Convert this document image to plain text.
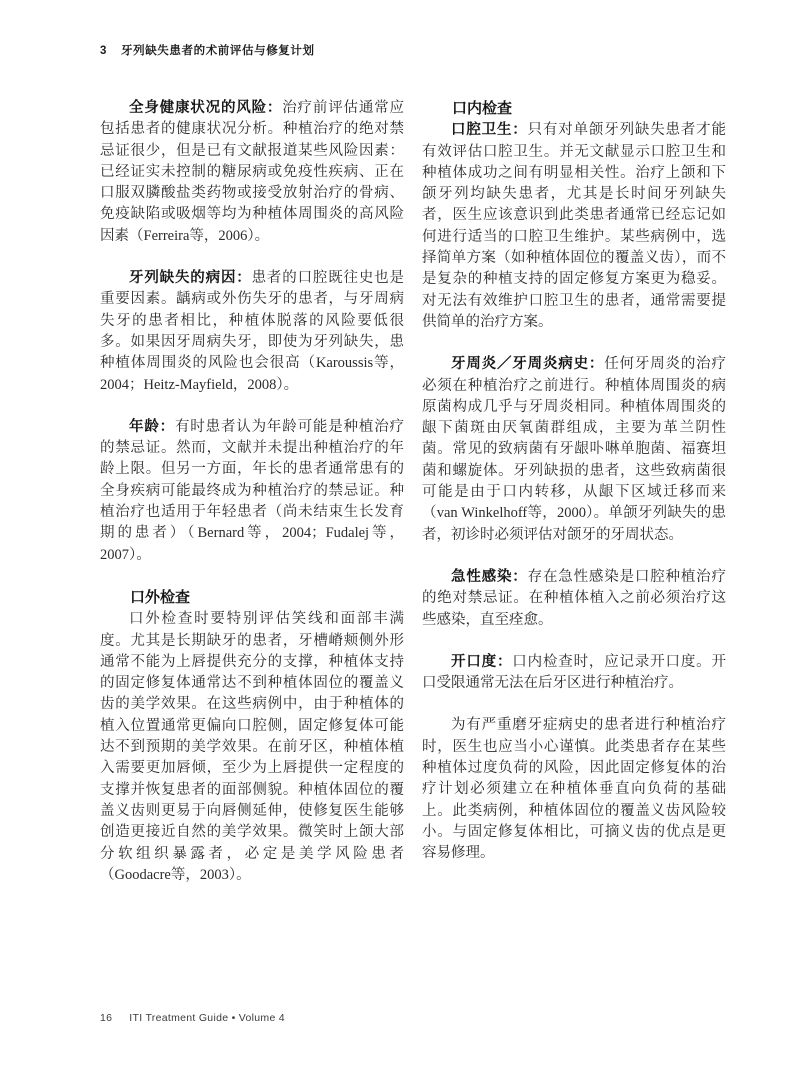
3 牙列缺失患者的术前评估与修复计划

全身健康状况的风险：治疗前评估通常应包括患者的健康状况分析。种植治疗的绝对禁忌证很少，但是已有文献报道某些风险因素：已经证实未控制的糖尿病或免疫性疾病、正在口服双膦酸盐类药物或接受放射治疗的骨病、免疫缺陷或吸烟等均为种植体周围炎的高风险因素（Ferreira等，2006）。

牙列缺失的病因：患者的口腔既往史也是重要因素。龋病或外伤失牙的患者，与牙周病失牙的患者相比，种植体脱落的风险要低很多。如果因牙周病失牙，即使为牙列缺失，患种植体周围炎的风险也会很高（Karoussis等，2004；Heitz-Mayfield，2008）。

年龄：有时患者认为年龄可能是种植治疗的禁忌证。然而，文献并未提出种植治疗的年龄上限。但另一方面，年长的患者通常患有的全身疾病可能最终成为种植治疗的禁忌证。种植治疗也适用于年轻患者（尚未结束生长发育期的患者）（Bernard等，2004；Fudalej等，2007）。

口外检查

口外检查时要特别评估笑线和面部丰满度。尤其是长期缺牙的患者，牙槽嵴颊侧外形通常不能为上唇提供充分的支撑，种植体支持的固定修复体通常达不到种植体固位的覆盖义齿的美学效果。在这些病例中，由于种植体的植入位置通常更偏向口腔侧，固定修复体可能达不到预期的美学效果。在前牙区，种植体植入需要更加唇倾，至少为上唇提供一定程度的支撑并恢复患者的面部侧貌。种植体固位的覆盖义齿则更易于向唇侧延伸，使修复医生能够创造更接近自然的美学效果。微笑时上颌大部分软组织暴露者，必定是美学风险患者（Goodacre等，2003）。

口内检查

口腔卫生：只有对单颌牙列缺失患者才能有效评估口腔卫生。并无文献显示口腔卫生和种植体成功之间有明显相关性。治疗上颌和下颌牙列均缺失患者，尤其是长时间牙列缺失者，医生应该意识到此类患者通常已经忘记如何进行适当的口腔卫生维护。某些病例中，选择简单方案（如种植体固位的覆盖义齿），而不是复杂的种植支持的固定修复方案更为稳妥。对无法有效维护口腔卫生的患者，通常需要提供简单的治疗方案。

牙周炎／牙周炎病史：任何牙周炎的治疗必须在种植治疗之前进行。种植体周围炎的病原菌构成几乎与牙周炎相同。种植体周围炎的龈下菌斑由厌氧菌群组成，主要为革兰阴性菌。常见的致病菌有牙龈卟啉单胞菌、福赛坦菌和螺旋体。牙列缺损的患者，这些致病菌很可能是由于口内转移，从龈下区域迁移而来（van Winkelhoff等，2000）。单颌牙列缺失的患者，初诊时必须评估对颌牙的牙周状态。

急性感染：存在急性感染是口腔种植治疗的绝对禁忌证。在种植体植入之前必须治疗这些感染，直至痊愈。

开口度：口内检查时，应记录开口度。开口受限通常无法在后牙区进行种植治疗。

为有严重磨牙症病史的患者进行种植治疗时，医生也应当小心谨慎。此类患者存在某些种植体过度负荷的风险，因此固定修复体的治疗计划必须建立在种植体垂直向负荷的基础上。此类病例，种植体固位的覆盖义齿风险较小。与固定修复体相比，可摘义齿的优点是更容易修理。

16 ITI Treatment Guide • Volume 4
